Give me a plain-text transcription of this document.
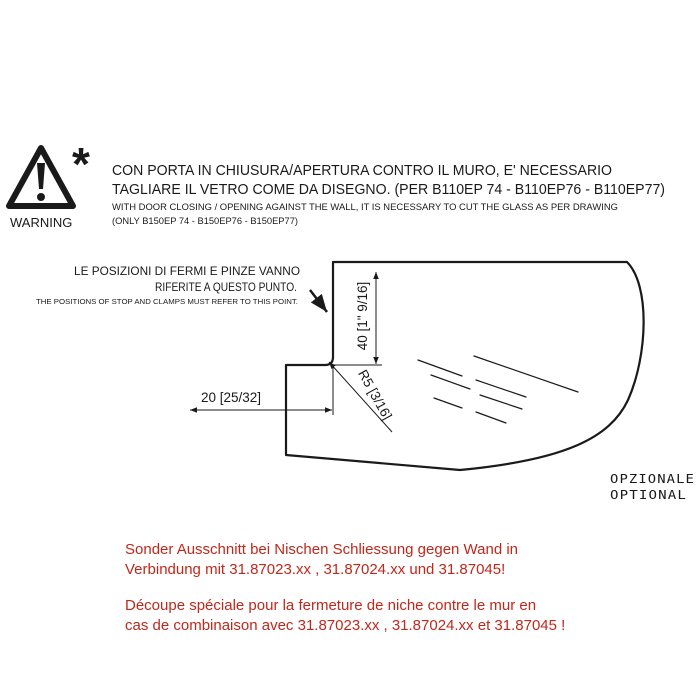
*
WARNING
CON PORTA IN CHIUSURA/APERTURA CONTRO IL MURO, E' NECESSARIO
TAGLIARE IL VETRO COME DA DISEGNO. (PER B110EP 74 - B110EP76 - B110EP77)
WITH DOOR CLOSING / OPENING AGAINST THE WALL, IT IS NECESSARY TO CUT THE GLASS AS PER DRAWING
(ONLY B150EP 74 - B150EP76 - B150EP77)
LE POSIZIONI DI FERMI E PINZE VANNO
RIFERITE A QUESTO PUNTO.
THE POSITIONS OF STOP AND CLAMPS MUST REFER TO THIS POINT.	40 [1" 9/16]
R5 [3/16]
20 [25/32]
OPZIONALE
OPTIONAL
Sonder Ausschnitt bei Nischen Schliessung gegen Wand in
Verbindung mit 31.87023.xx , 31.87024.xx und 31.87045!
Découpe spéciale pour la fermeture de niche contre le mur en
cas de combinaison avec 31.87023.xx , 31.87024.xx et 31.87045 !
